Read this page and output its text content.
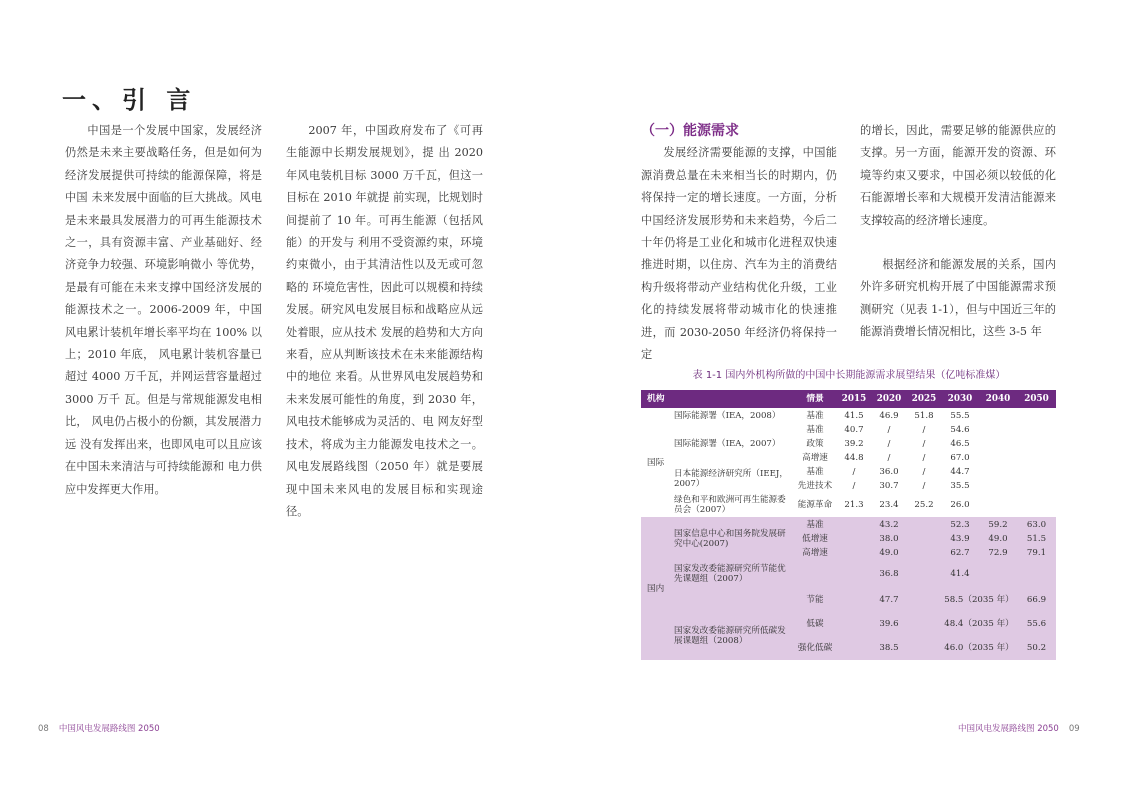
一、引 言

中国是一个发展中国家，发展经济仍然是未来主要战略任务，但是如何为经济发展提供可持续的能源保障，将是中国 未来发展中面临的巨大挑战。风电是未来最具发展潜力的可再生能源技术之一，具有资源丰富、产业基础好、经济竞争力较强、环境影响微小 等优势，是最有可能在未来支撑中国经济发展的能源技术之一。2006-2009 年，中国风电累计装机年增长率平均在 100% 以上；2010 年底， 风电累计装机容量已超过 4000 万千瓦，并网运营容量超过 3000 万千 瓦。但是与常规能源发电相比， 风电仍占极小的份额，其发展潜力远 没有发挥出来，也即风电可以且应该在中国未来清洁与可持续能源和 电力供应中发挥更大作用。

2007 年，中国政府发布了《可再生能源中长期发展规划》，提 出 2020 年风电装机目标 3000 万千瓦，但这一目标在 2010 年就提 前实现，比规划时间提前了 10 年。可再生能源（包括风能）的开发与 利用不受资源约束，环境约束微小，由于其清洁性以及无或可忽略的 环境危害性，因此可以规模和持续发展。研究风电发展目标和战略应从远处着眼，应从技术 发展的趋势和大方向来看，应从判断该技术在未来能源结构中的地位 来看。从世界风电发展趋势和未来发展可能性的角度，到 2030 年，风电技术能够成为灵活的、电 网友好型技术，将成为主力能源发电技术之一。风电发展路线图（2050 年）就是要展现中国未来风电的发展目标和实现途径。

08 中国风电发展路线图 2050
（一）能源需求

发展经济需要能源的支撑，中国能源消费总量在未来相当长的时期内，仍将保持一定的增长速度。一方面，分析中国经济发展形势和未来趋势，今后二十年仍将是工业化和城市化进程双快速推进时期，以住房、汽车为主的消费结构升级将带动产业结构优化升级，工业化的持续发展将带动城市化的快速推进，而 2030-2050 年经济仍将保持一定

的增长，因此，需要足够的能源供应的支撑。另一方面，能源开发的资源、环境等约束又要求，中国必须以较低的化石能源增长率和大规模开发清洁能源来支撑较高的经济增长速度。

根据经济和能源发展的关系，国内外许多研究机构开展了中国能源需求预测研究（见表 1-1），但与中国近三年的能源消费增长情况相比，这些 3-5 年

表 1-1 国内外机构所做的中国中长期能源需求展望结果（亿吨标准煤）
机构		情景	2015	2020	2025	2030	2040	2050
国际	国际能源署（IEA，2008）	基准	41.5	46.9	51.8	55.5		
	国际能源署（IEA，2007）	基准	40.7	/	/	54.6		
		政策	39.2	/	/	46.5		
		高增速	44.8	/	/	67.0		
	日本能源经济研究所（IEEJ，2007）	基准	/	36.0	/	44.7		
		先进技术	/	30.7	/	35.5		
	绿色和平和欧洲可再生能源委员会（2007）	能源革命	21.3	23.4	25.2	26.0		
国内	国家信息中心和国务院发展研究中心(2007)	基准		43.2		52.3	59.2	63.0
		低增速		38.0		43.9	49.0	51.5
		高增速		49.0		62.7	72.9	79.1
	国家发改委能源研究所节能优先课题组（2007）			36.8		41.4		
		节能		47.7		58.5（2035 年）		66.9
	国家发改委能源研究所低碳发展课题组（2008）	低碳		39.6		48.4（2035 年）		55.6
		强化低碳		38.5		46.0（2035 年）		50.2
中国风电发展路线图 2050 09
